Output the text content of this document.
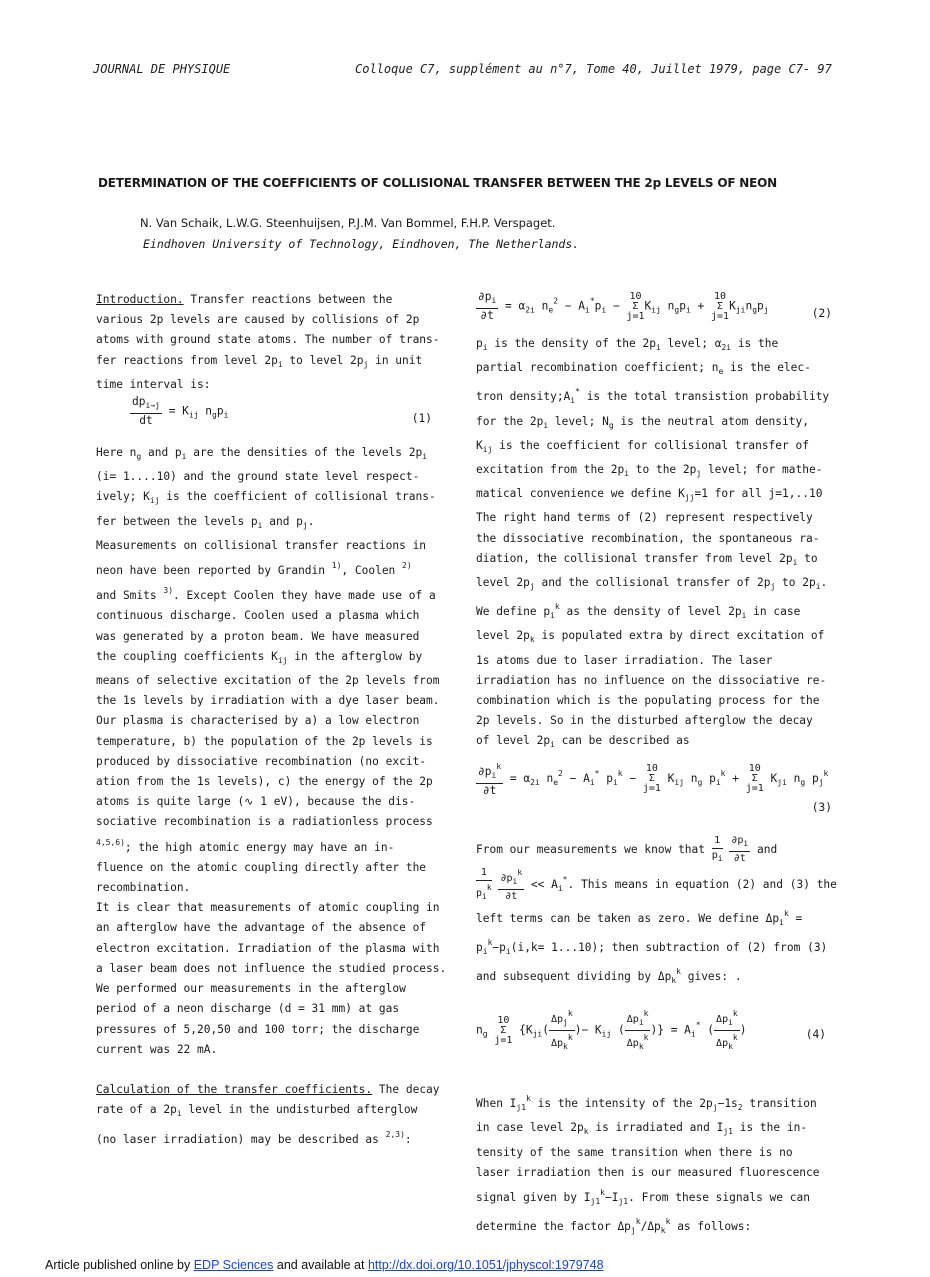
JOURNAL DE PHYSIQUE	Colloque C7, supplément au n°7, Tome 40, Juillet 1979, page C7- 97
DETERMINATION OF THE COEFFICIENTS OF COLLISIONAL TRANSFER BETWEEN THE 2p LEVELS OF NEON
N. Van Schaik, L.W.G. Steenhuijsen, P.J.M. Van Bommel, F.H.P. Verspaget.
Eindhoven University of Technology, Eindhoven, The Netherlands.

Introduction. Transfer reactions between the

various 2p levels are caused by collisions of 2p

atoms with ground state atoms. The number of trans-

fer reactions from level $2p_i$ to level $2p_j$ in unit

time interval is:

$\frac{dp_{i\to j}}{dt} = K_{ij}$ $n_gp_i$	(1)

Here $n_g$ and $p_i$ are the densities of the levels $2p_i$

(i= 1....10) and the ground state level respect-

ively; $K_{ij}$ is the coefficient of collisional trans-

fer between the levels $p_i$ and $p_j$.

Measurements on collisional transfer reactions in

neon have been reported by Grandin $^{1)}$, Coolen $^{2)}$

and Smits $^{3)}$. Except Coolen they have made use of a

continuous discharge. Coolen used a plasma which

was generated by a proton beam. We have measured

the coupling coefficients $K_{ij}$ in the afterglow by

means of selective excitation of the 2p levels from

the 1s levels by irradiation with a dye laser beam.

Our plasma is characterised by a) a low electron

temperature, b) the population of the 2p levels is

produced by dissociative recombination (no excit-

ation from the 1s levels), c) the energy of the 2p

atoms is quite large (∿ 1 eV), because the dis-

sociative recombination is a radiationless process

$^{4,5,6)}$; the high atomic energy may have an in-

fluence on the atomic coupling directly after the

recombination.

It is clear that measurements of atomic coupling in

an afterglow have the advantage of the absence of

electron excitation. Irradiation of the plasma with

a laser beam does not influence the studied process.

We performed our measurements in the afterglow

period of a neon discharge (d = 31 mm) at gas

pressures of 5,20,50 and 100 torr; the discharge

current was 22 mA.

Calculation of the transfer coefficients. The decay

rate of a $2p_i$ level in the undisturbed afterglow

(no laser irradiation) may be described as $^{2,3)}$:

$\frac{\partial p_i}{\partial t} = \alpha_{2i}$ $n_e^2 - A_i^*p_i - 10$
Σ
$j=1K_{ij}$ $n_gp_i + 10$
Σ
$j=1K_{ji}n_gp_j$	(2)

$p_i$ is the density of the $2p_i$ level; $\alpha_{2i}$ is the

partial recombination coefficient; $n_e$ is the elec-

tron $density;A_i^*$ is the total transistion probability

for the $2p_i$ level; $N_g$ is the neutral atom density,

$K_{ij}$ is the coefficient for collisional transfer of

excitation from the $2p_i$ to the $2p_j$ level; for mathe-

matical convenience we define $K_{jj}=1$ for all j=1,..10

The right hand terms of (2) represent respectively

the dissociative recombination, the spontaneous ra-

diation, the collisional transfer from level $2p_i$ to

level $2p_j$ and the collisional transfer of $2p_j$ to $2p_i$.

We define $p_i^k$ as the density of level $2p_i$ in case

level $2p_k$ is populated extra by direct excitation of

1s atoms due to laser irradiation. The laser

irradiation has no influence on the dissociative re-

combination which is the populating process for the

2p levels. So in the disturbed afterglow the decay

of level $2p_i$ can be described as

$\frac{\partial p_i^k}{\partial t} = \alpha_{2i}$ $n_e^2 - A_i^*$ $p_i^k - 10$
Σ
j=1 $K_{ij}$ $n_g$ $p_i^k + 10$
Σ
j=1 $K_{ji}$ $n_g$ $p_j^k$
(3)

From our measurements we know that $\frac{1}{p_i}$
$\frac{\partial p_i}{\partial t}$ and

$\frac{1}{p_i^k}$
$\frac{\partial p_i^k}{\partial t} << A_i^*$. This means in equation (2) and (3) the

left terms can be taken as zero. We define $\Delta p_i^k$ =

$p_i^k-p_i(i,k= 1...10)$; then subtraction of (2) from (3)

and subsequent dividing by $\Delta p_k^k$ gives: .

$n_g$ 10
Σ
j=1 {$K_{ji}( \frac{\Delta p_j^k}{\Delta p_k^k}$ )− $K_{ij}$ ( $\frac{\Delta p_i^k}{\Delta p_k^k}$ )} = $A_i^*$ ( $\frac{\Delta p_i^k}{\Delta p_k^k}$ )	(4)

When $I_{j1}^k$ is the intensity of the $2p_j-1s_2$ transition

in case level $2p_k$ is irradiated and $I_{j1}$ is the in-

tensity of the same transition when there is no

laser irradiation then is our measured fluorescence

signal given by $I_{j1}^k-I_{j1}$. From these signals we can

determine the factor $\Delta p_j^k/\Delta p_k^k$ as follows:

Article published online by EDP Sciences and available at http://dx.doi.org/10.1051/jphyscol:1979748
